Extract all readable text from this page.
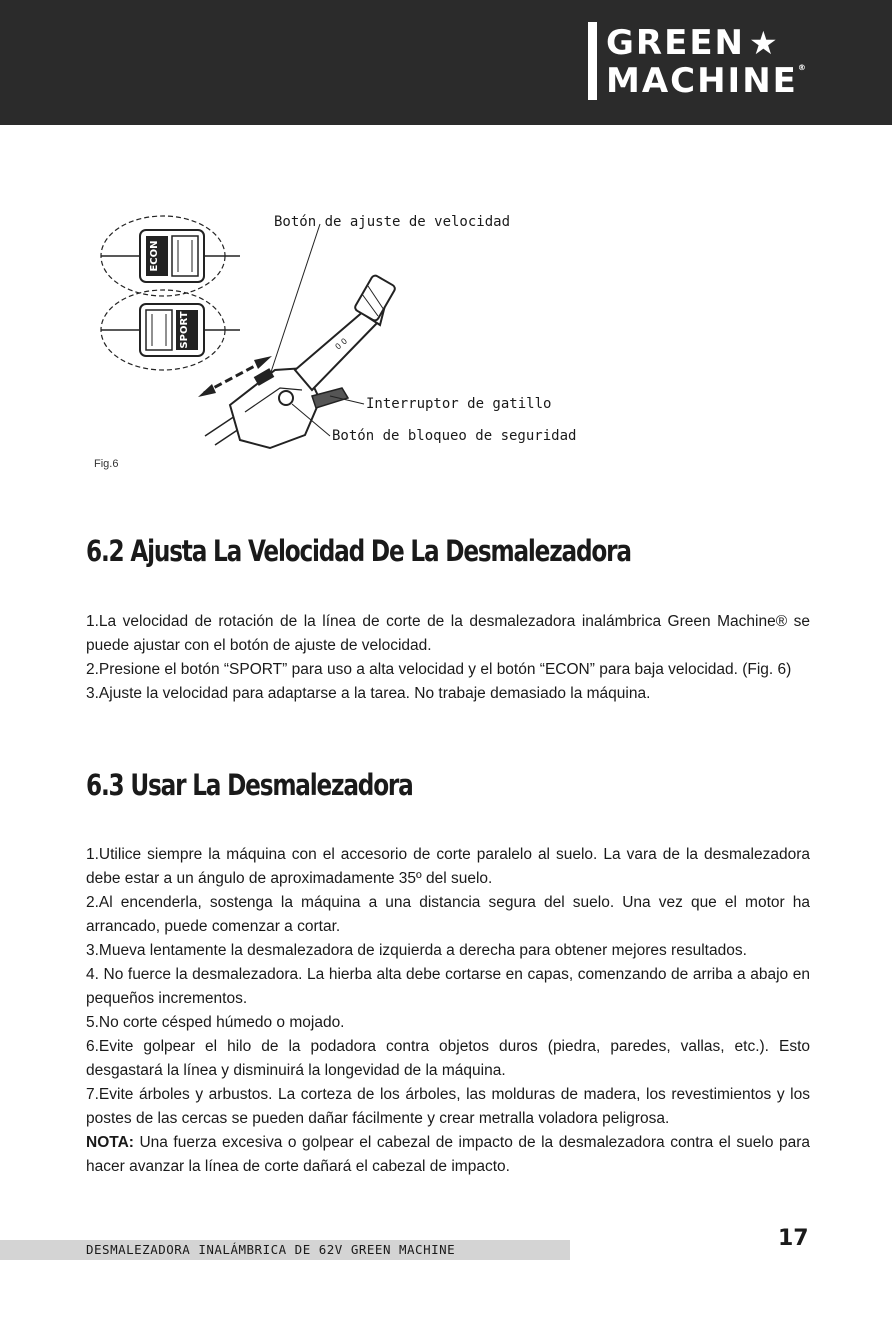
GREEN ★
MACHINE®
ECON
SPORT	0 0
Botón de ajuste de velocidad
Interruptor de gatillo
Botón de bloqueo de seguridad
Fig.6
6.2 Ajusta La Velocidad De La Desmalezadora

1.La velocidad de rotación de la línea de corte de la desmalezadora inalámbrica Green Machine® se puede ajustar con el botón de ajuste de velocidad.

2.Presione el botón “SPORT” para uso a alta velocidad y el botón “ECON” para baja velocidad. (Fig. 6)

3.Ajuste la velocidad para adaptarse a la tarea. No trabaje demasiado la máquina.

6.3 Usar La Desmalezadora

1.Utilice siempre la máquina con el accesorio de corte paralelo al suelo. La vara de la desmalezadora debe estar a un ángulo de aproximadamente 35º del suelo.

2.Al encenderla, sostenga la máquina a una distancia segura del suelo. Una vez que el motor ha arrancado, puede comenzar a cortar.

3.Mueva lentamente la desmalezadora de izquierda a derecha para obtener mejores resultados.

4. No fuerce la desmalezadora. La hierba alta debe cortarse en capas, comenzando de arriba a abajo en pequeños incrementos.

5.No corte césped húmedo o mojado.

6.Evite golpear el hilo de la podadora contra objetos duros (piedra, paredes, vallas, etc.). Esto desgastará la línea y disminuirá la longevidad de la máquina.

7.Evite árboles y arbustos. La corteza de los árboles, las molduras de madera, los revestimientos y los postes de las cercas se pueden dañar fácilmente y crear metralla voladora peligrosa.

NOTA: Una fuerza excesiva o golpear el cabezal de impacto de la desmalezadora contra el suelo para hacer avanzar la línea de corte dañará el cabezal de impacto.

DESMALEZADORA INALÁMBRICA DE 62V GREEN MACHINE	17
